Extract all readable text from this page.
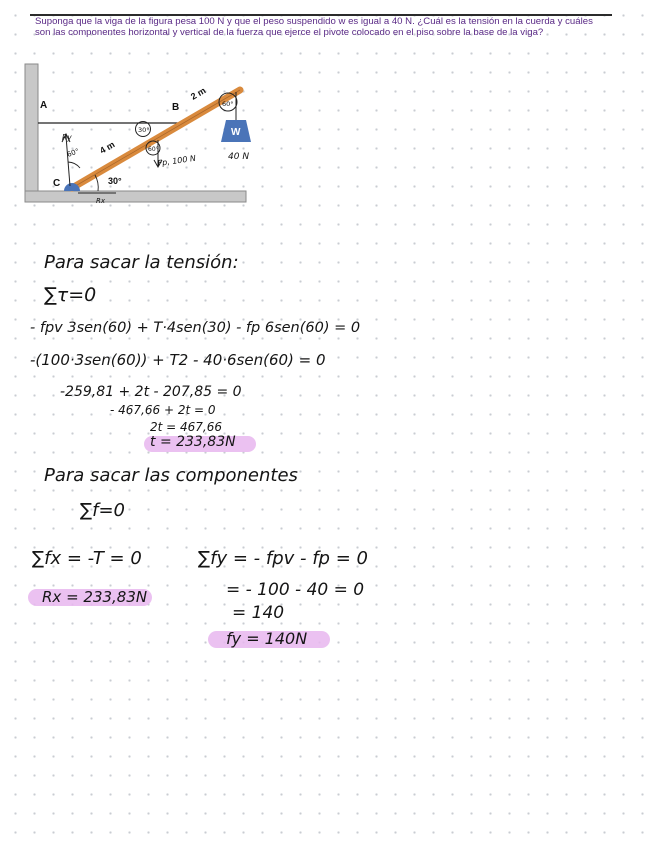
Suponga que la viga de la figura pesa 100 N y que el peso suspendido w es igual a 40 N. ¿Cuál es la tensión en la cuerda y cuáles son las componentes horizontal y vertical de la fuerza que ejerce el pivote colocado en el piso sobre la base de la viga?

W
A	B
C
2 m
4 m
30°
60°
30°
60°
60°
Ry
Rx
Fp, 100 N	40 N

Para sacar la tensión:

∑τ=0

- fpv 3sen(60) + T·4sen(30) - fp 6sen(60) = 0

-(100·3sen(60)) + T2 - 40·6sen(60) = 0

-259,81 + 2t - 207,85 = 0

- 467,66 + 2t = 0

2t = 467,66

t = 233,83N

Para sacar las componentes

∑f=0

∑fx = -T = 0

Rx = 233,83N

∑fy = - fpv - fp = 0

= - 100 - 40 = 0

= 140

fy = 140N
